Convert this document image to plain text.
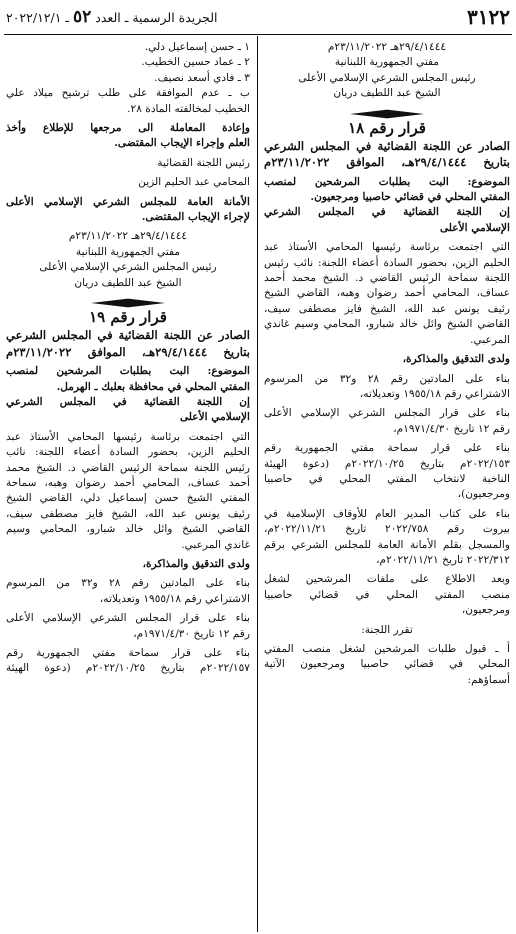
٣١٢٢
الجريدة الرسمية ـ العدد ٥٢ ـ ٢٠٢٢/١٢/١
٢٩/٤/١٤٤٤هـ ٢٣/١١/٢٠٢٢م
مفتي الجمهورية اللبنانية
رئيس المجلس الشرعي الإسلامي الأعلى
الشيخ عبد اللطيف دريان
قرار رقم ١٨
الصادر عن اللجنة القضائية في المجلس الشرعي
بتاريخ ٢٩/٤/١٤٤٤هـ، الموافق ٢٣/١١/٢٠٢٢م
الموضوع: البت بطلبات المرشحين لمنصب
المفتي المحلي في قضائي حاصبيا ومرجعيون.
إن اللجنة القضائية في المجلس الشرعي
الإسلامي الأعلى
التي اجتمعت برئاسة رئيسها المحامي الأستاذ عبد
الحليم الزين، بحضور السادة أعضاء اللجنة: نائب رئيس
اللجنة سماحة الرئيس القاضي د. الشيخ محمد أحمد
عساف، المحامي أحمد رضوان وهبه، القاضي الشيخ
رئيف يونس عبد الله، الشيخ فايز مصطفى سيف،
القاضي الشيخ وائل خالد شبارو، المحامي وسيم غاندي
المرعبي.
ولدى التدقيق والمذاكرة،
بناء على المادتين رقم ٢٨ و٣٢ من المرسوم
الاشتراعي رقم ١٩٥٥/١٨ وتعديلاته،
بناء على قرار المجلس الشرعي الإسلامي الأعلى
رقم ١٢ تاريخ ١٩٧١/٤/٣٠م،
بناء على قرار سماحة مفتي الجمهورية رقم
٢٠٢٢/١٥٣م بتاريخ ٢٠٢٢/١٠/٢٥م (دعوة الهيئة
الناخبة لانتخاب المفتي المحلي في حاصبيا
ومرجعيون)،
بناء على كتاب المدير العام للأوقاف الإسلامية في
بيروت رقم ٢٠٢٢/٧٥٨ تاريخ ٢٠٢٢/١١/٢١م،
والمسجل بقلم الأمانة العامة للمجلس الشرعي برقم
٢٠٢٢/٣١٢ تاريخ ٢٠٢٢/١١/٢١م،
وبعد الاطلاع على ملفات المرشحين لشغل
منصب المفتي المحلي في قضائي حاصبيا
ومرجعيون،
تقرر اللجنة:
أ ـ قبول طلبات المرشحين لشغل منصب المفتي
المحلي في قضائي حاصبيا ومرجعيون الآتية
أسماؤهم:
١ ـ حسن إسماعيل دلي.
٢ ـ عماد حسين الخطيب.
٣ ـ فادي أسعد نصيف.
ب ـ عدم الموافقة على طلب ترشيح ميلاد علي
الخطيب لمخالفته المادة ٢٨.
وإعادة المعاملة الى مرجعها للإطلاع وأخذ
العلم وإجراء الإيجاب المقتضى.
رئيس اللجنة القضائية
المحامي عبد الحليم الزين
الأمانة العامة للمجلس الشرعي الإسلامي الأعلى
لإجراء الإيجاب المقتضى.
٢٩/٤/١٤٤٤هـ ٢٣/١١/٢٠٢٢م
مفتي الجمهورية اللبنانية
رئيس المجلس الشرعي الإسلامي الأعلى
الشيخ عبد اللطيف دريان
قرار رقم ١٩
الصادر عن اللجنة القضائية في المجلس الشرعي
بتاريخ ٢٩/٤/١٤٤٤هـ، الموافق ٢٣/١١/٢٠٢٢م
الموضوع: البت بطلبات المرشحين لمنصب
المفتي المحلي في محافظة بعلبك ـ الهرمل.
إن اللجنة القضائية في المجلس الشرعي
الإسلامي الأعلى
التي اجتمعت برئاسة رئيسها المحامي الأستاذ عبد
الحليم الزين، بحضور السادة أعضاء اللجنة: نائب
رئيس اللجنة سماحة الرئيس القاضي د. الشيخ محمد
أحمد عساف، المحامي أحمد رضوان وهبه، سماحة
المفتي الشيخ حسن إسماعيل دلي، القاضي الشيخ
رئيف يونس عبد الله، الشيخ فايز مصطفى سيف،
القاضي الشيخ وائل خالد شبارو، المحامي وسيم
غاندي المرعبي.
ولدى التدقيق والمذاكرة،
بناء على المادتين رقم ٢٨ و٣٢ من المرسوم
الاشتراعي رقم ١٩٥٥/١٨ وتعديلاته،
بناء على قرار المجلس الشرعي الإسلامي الأعلى
رقم ١٢ تاريخ ١٩٧١/٤/٣٠م،
بناء على قرار سماحة مفتي الجمهورية رقم
٢٠٢٢/١٥٧م بتاريخ ٢٠٢٢/١٠/٢٥م (دعوة الهيئة
